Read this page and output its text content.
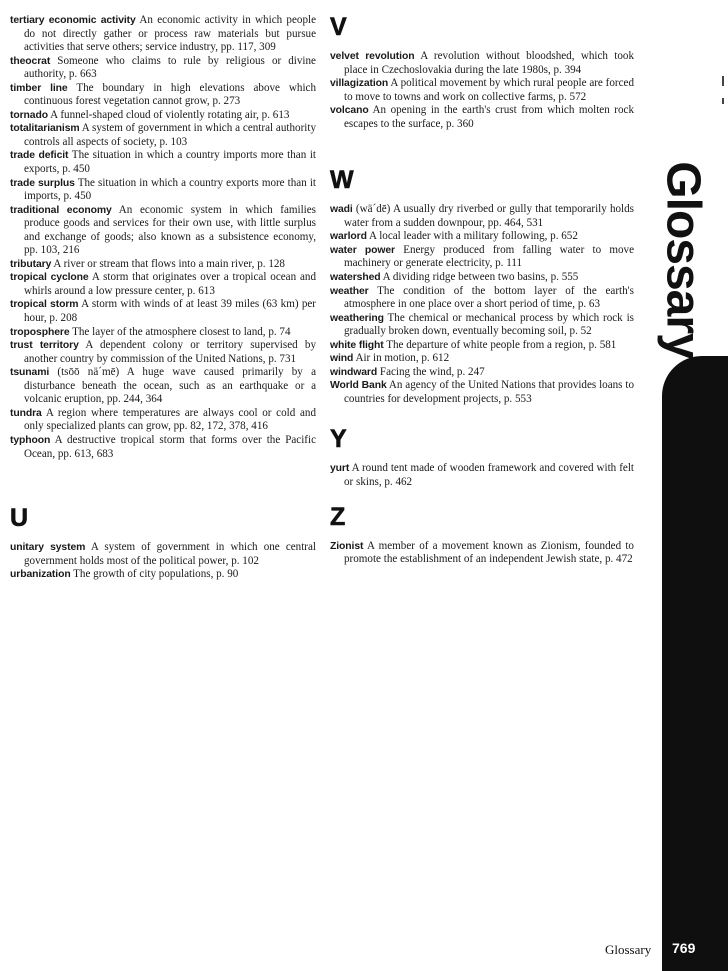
tertiary economic activity An economic activity in which people do not directly gather or process raw materials but pursue activities that serve others; service industry, pp. 117, 309

theocrat Someone who claims to rule by religious or divine authority, p. 663

timber line The boundary in high elevations above which continuous forest vegetation cannot grow, p. 273

tornado A funnel-shaped cloud of violently rotating air, p. 613

totalitarianism A system of government in which a central authority controls all aspects of society, p. 103

trade deficit The situation in which a country imports more than it exports, p. 450

trade surplus The situation in which a country exports more than it imports, p. 450

traditional economy An economic system in which families produce goods and services for their own use, with little surplus and exchange of goods; also known as a subsistence economy, pp. 103, 216

tributary A river or stream that flows into a main river, p. 128

tropical cyclone A storm that originates over a tropical ocean and whirls around a low pressure center, p. 613

tropical storm A storm with winds of at least 39 miles (63 km) per hour, p. 208

troposphere The layer of the atmosphere closest to land, p. 74

trust territory A dependent colony or territory supervised by another country by commission of the United Nations, p. 731

tsunami (tsōō nä´mē) A huge wave caused primarily by a disturbance beneath the ocean, such as an earthquake or a volcanic eruption, pp. 244, 364

tundra A region where temperatures are always cool or cold and only specialized plants can grow, pp. 82, 172, 378, 416

typhoon A destructive tropical storm that forms over the Pacific Ocean, pp. 613, 683

U

unitary system A system of government in which one central government holds most of the political power, p. 102

urbanization The growth of city populations, p. 90

V

velvet revolution A revolution without bloodshed, which took place in Czechoslovakia during the late 1980s, p. 394

villagization A political movement by which rural people are forced to move to towns and work on collective farms, p. 572

volcano An opening in the earth's crust from which molten rock escapes to the surface, p. 360

W

wadi (wä´dē) A usually dry riverbed or gully that temporarily holds water from a sudden downpour, pp. 464, 531

warlord A local leader with a military following, p. 652

water power Energy produced from falling water to move machinery or generate electricity, p. 111

watershed A dividing ridge between two basins, p. 555

weather The condition of the bottom layer of the earth's atmosphere in one place over a short period of time, p. 63

weathering The chemical or mechanical process by which rock is gradually broken down, eventually becoming soil, p. 52

white flight The departure of white people from a region, p. 581

wind Air in motion, p. 612

windward Facing the wind, p. 247

World Bank An agency of the United Nations that provides loans to countries for development projects, p. 553

Y

yurt A round tent made of wooden framework and covered with felt or skins, p. 462

Z

Zionist A member of a movement known as Zionism, founded to promote the establishment of an independent Jewish state, p. 472

Glossary
Glossary 769
